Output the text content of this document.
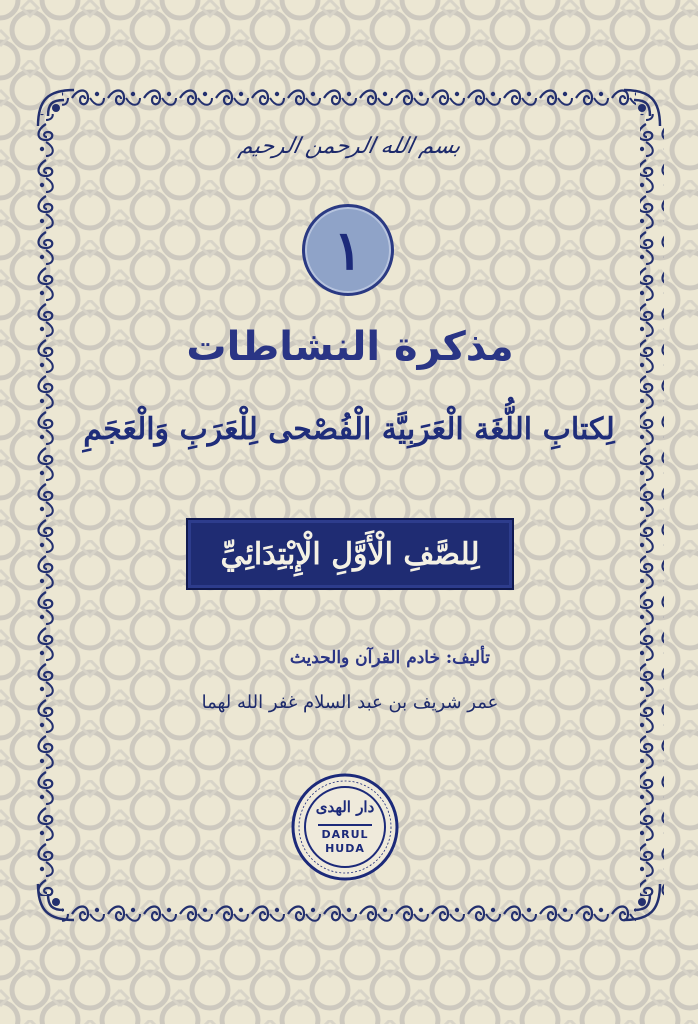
بسم الله الرحمن الرحيم
١
مذكرة النشاطات
لِكتابِ اللُّغَة الْعَرَبِيَّة الْفُصْحى لِلْعَرَبِ وَالْعَجَمِ
لِلصَّفِ الْأَوَّلِ الْإِبْتِدَائِيِّ
تأليف: خادم القرآن والحديث
عمر شريف بن عبد السلام غفر الله لهما
دار الهدى
DARUL
HUDA
